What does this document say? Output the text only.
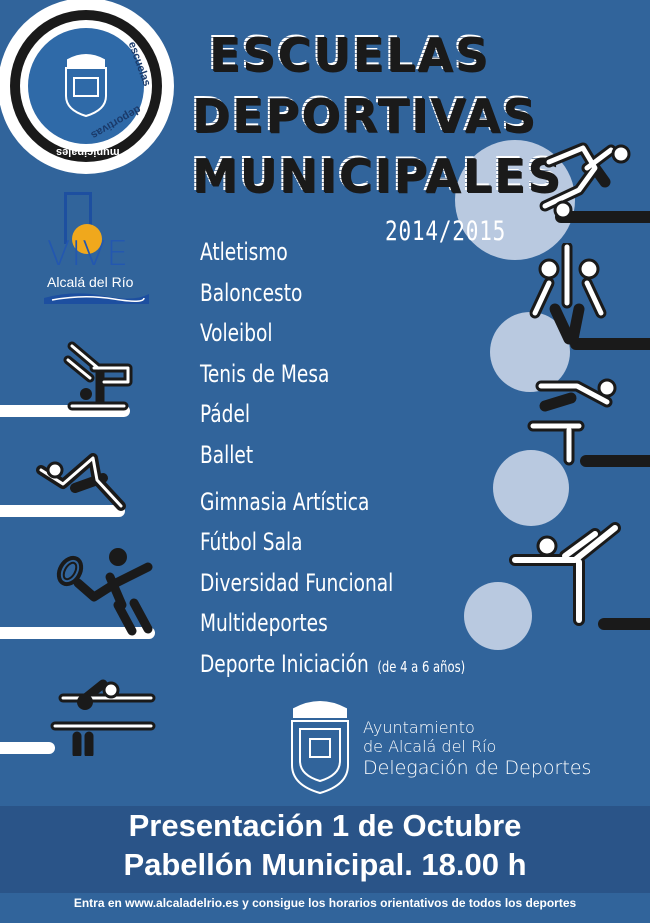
escuelas
deportivas
municipales
ESCUELAS
DEPORTIVAS
MUNICIPALES
2014/2015
VIVE
Alcalá del Río
Atletismo
Baloncesto
Voleibol
Tenis de Mesa
Pádel
Ballet
Gimnasia Artística
Fútbol Sala
Diversidad Funcional
Multideportes
Deporte Iniciación (de 4 a 6 años)
Ayuntamiento
de Alcalá del Río
Delegación de Deportes
Presentación 1 de Octubre
Pabellón Municipal. 18.00 h
Entra en www.alcaladelrio.es y consigue los horarios orientativos de todos los deportes
